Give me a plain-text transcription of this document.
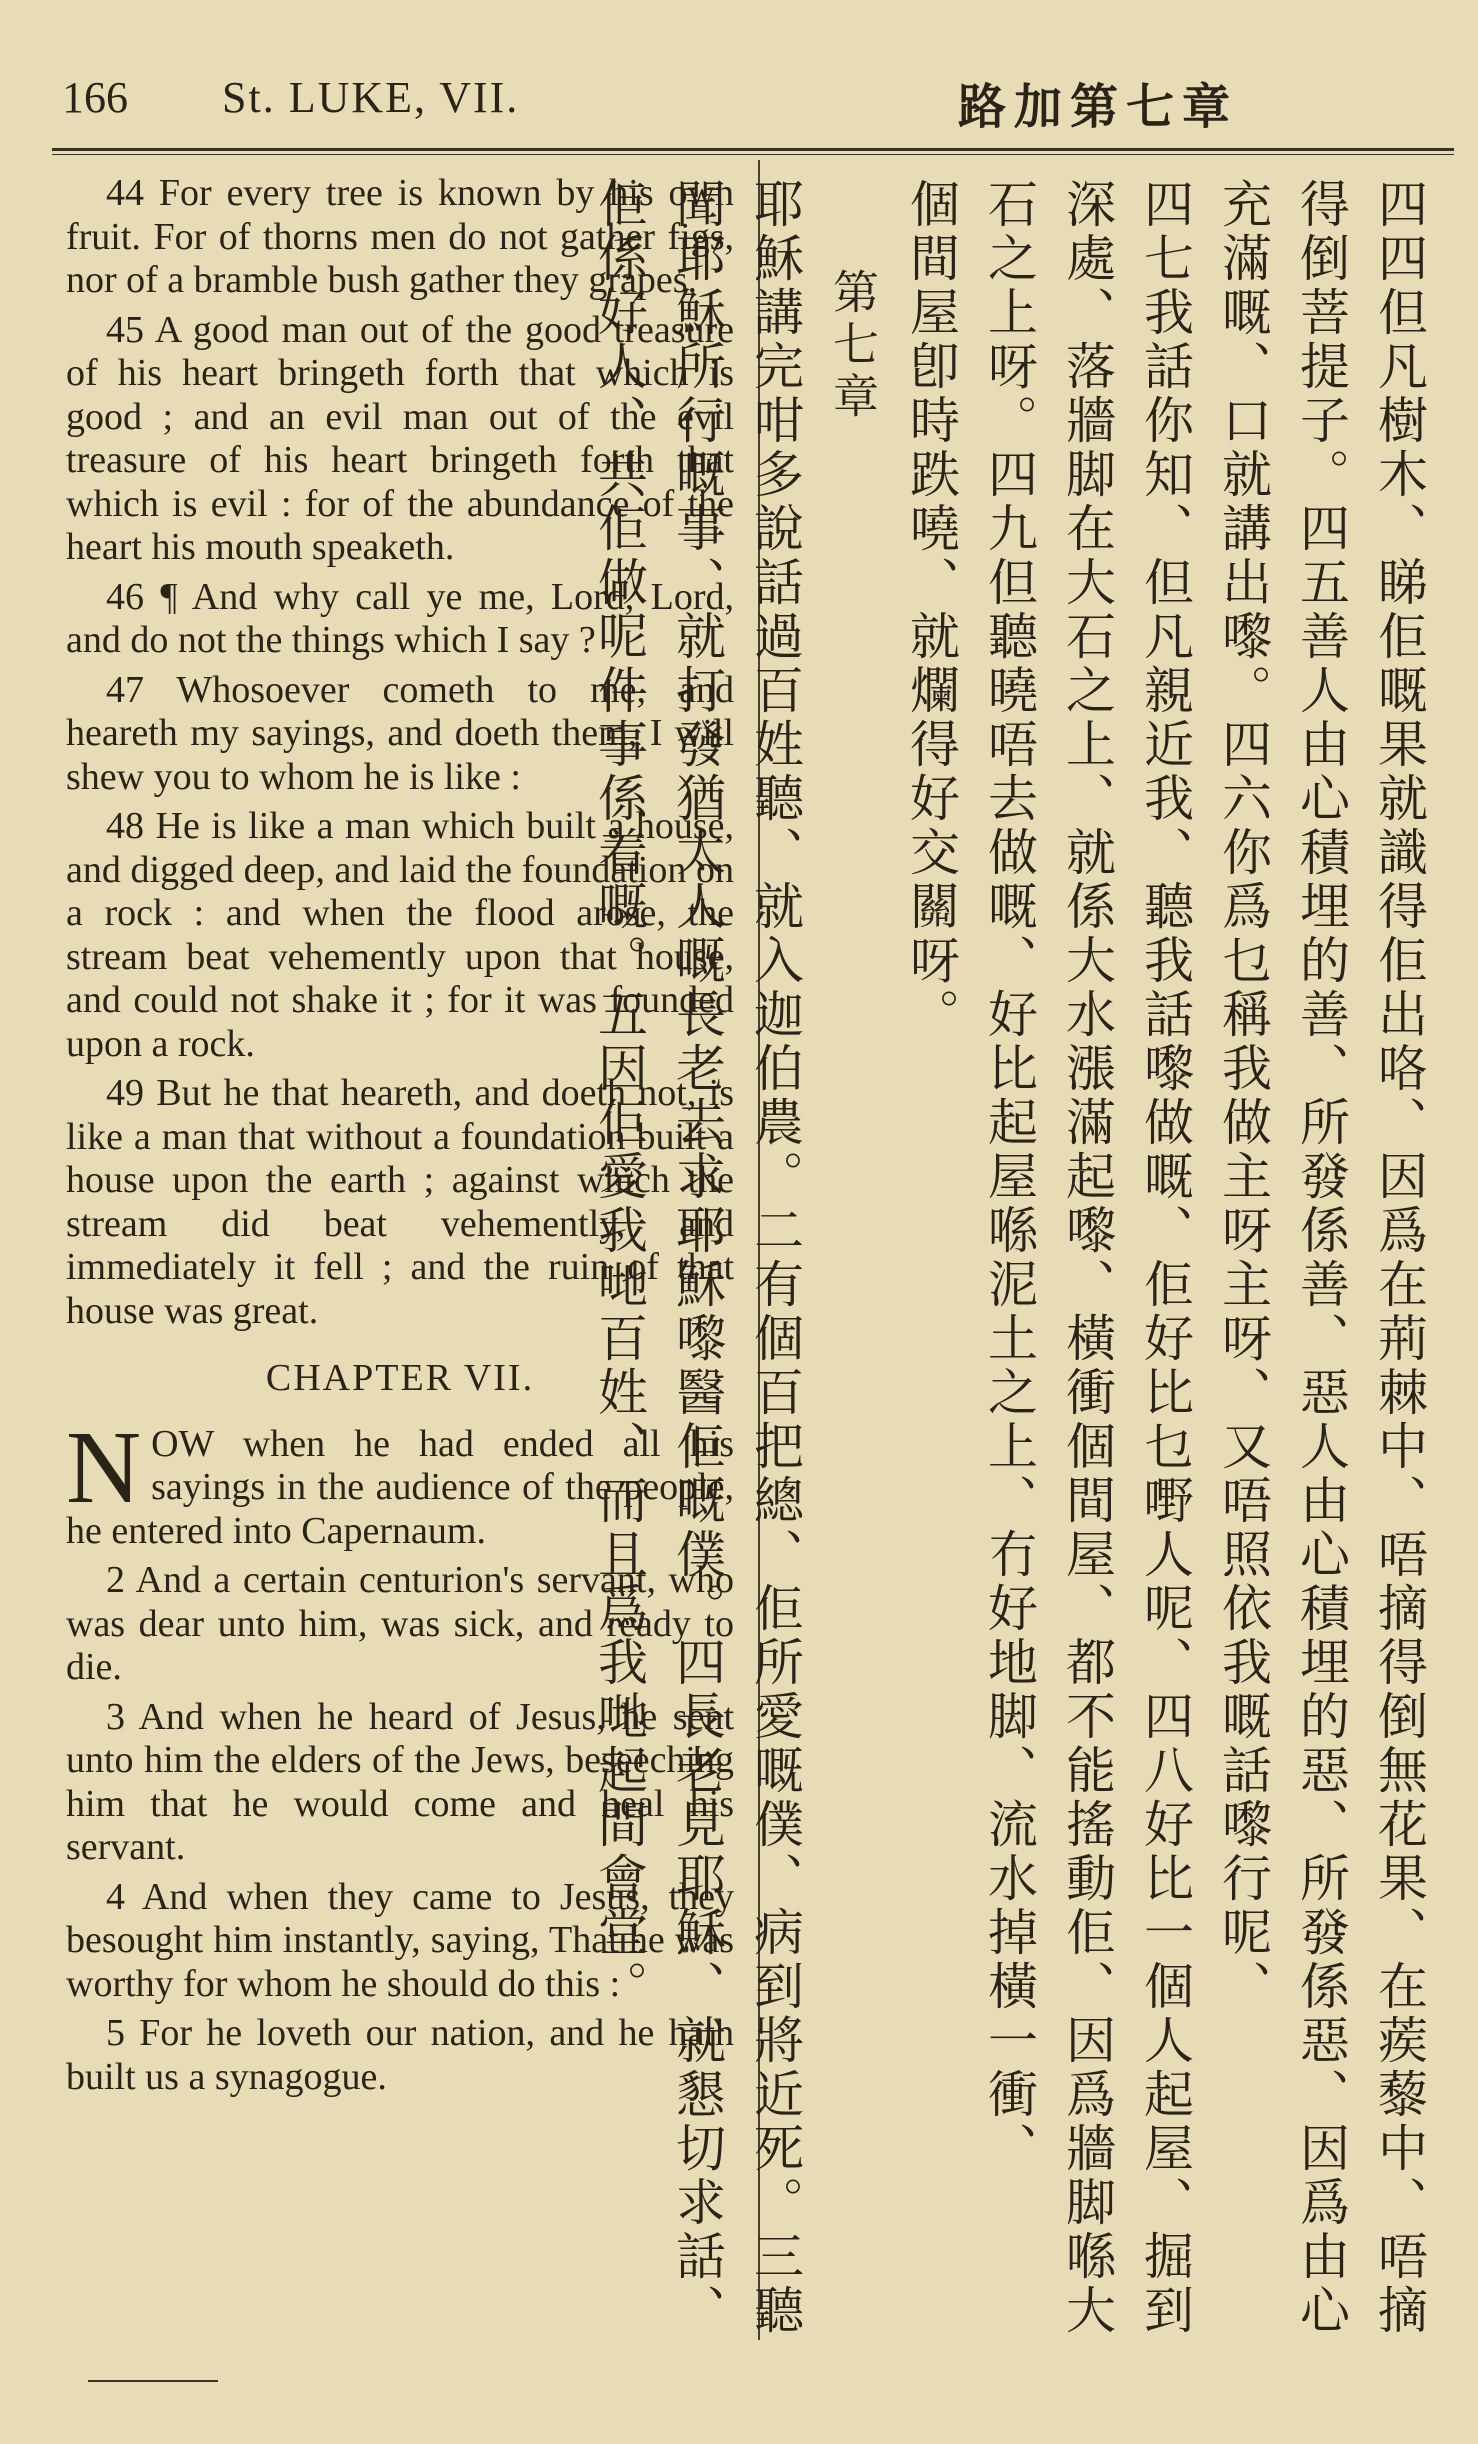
166 St. LUKE, VII.	路加第七章

44 For every tree is known by his own fruit. For of thorns men do not gather figs, nor of a bramble bush gather they grapes.

45 A good man out of the good treasure of his heart bringeth forth that which is good ; and an evil man out of the evil treasure of his heart bringeth forth that which is evil : for of the abundance of the heart his mouth speaketh.

46 ¶ And why call ye me, Lord, Lord, and do not the things which I say ?

47 Whosoever cometh to me, and heareth my sayings, and doeth them, I will shew you to whom he is like :

48 He is like a man which built a house, and digged deep, and laid the foundation on a rock : and when the flood arose, the stream beat vehemently upon that house, and could not shake it ; for it was founded upon a rock.

49 But he that heareth, and doeth not, is like a man that without a foundation built a house upon the earth ; against which the stream did beat vehemently, and immediately it fell ; and the ruin of that house was great.

CHAPTER VII.

NOW when he had ended all his sayings in the audience of the people, he entered into Capernaum.

2 And a certain centurion's servant, who was dear unto him, was sick, and ready to die.

3 And when he heard of Jesus, he sent unto him the elders of the Jews, beseeching him that he would come and heal his servant.

4 And when they came to Jesus, they besought him instantly, saying, That he was worthy for whom he should do this :

5 For he loveth our nation, and he hath built us a synagogue.	四四但凡樹木、睇佢嘅果就識得佢出咯、因爲在荊棘中、唔摘得倒無花果、在蒺藜中、唔摘得倒菩提子。四五善人由心積埋的善、所發係善、惡人由心積埋的惡、所發係惡、因爲由心充滿嘅、口就講出嚟。四六你爲乜稱我做主呀主呀、又唔照依我嘅話嚟行呢、

四七我話你知、但凡親近我、聽我話嚟做嘅、佢好比乜嘢人呢、四八好比一個人起屋、掘到深處、落牆脚在大石之上、就係大水漲滿起嚟、橫衝個間屋、都不能搖動佢、因爲牆脚喺大石之上呀。四九但聽曉唔去做嘅、好比起屋喺泥土之上、冇好地脚、流水掉橫一衝、

個間屋卽時跌嘵、就爛得好交關呀。

第七章

耶穌講完咁多說話過百姓聽、就入迦伯農。二有個百把總、佢所愛嘅僕、病到將近死。三聽聞耶穌所行嘅事、就打發猶太人嘅長老去求耶穌嚟醫佢嘅僕。四長老見耶穌、就懇切求話、佢係好人、共佢做呢件事係着嘅。五因佢愛我哋百姓、而且爲我哋起間會堂。
